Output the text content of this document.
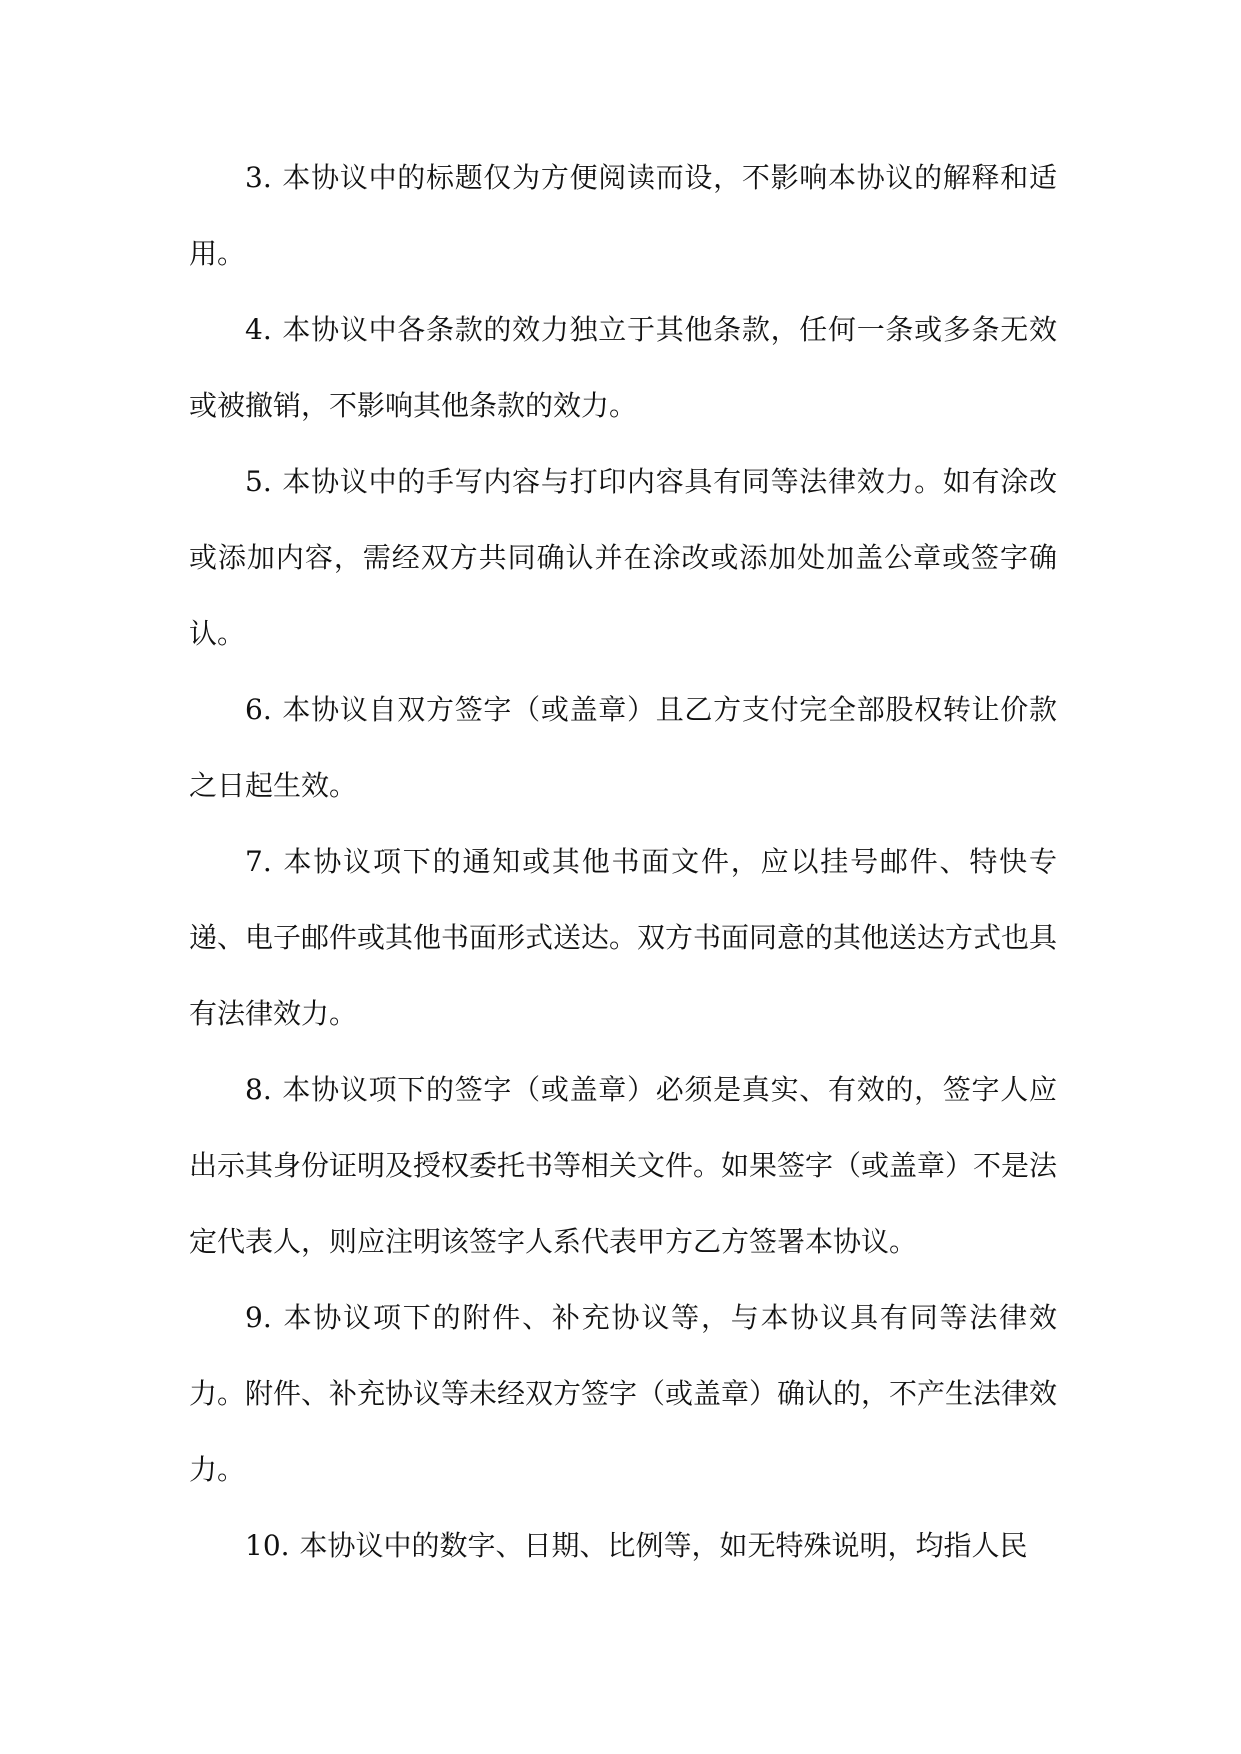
3. 本协议中的标题仅为方便阅读而设，不影响本协议的解释和适用。

4. 本协议中各条款的效力独立于其他条款，任何一条或多条无效或被撤销，不影响其他条款的效力。

5. 本协议中的手写内容与打印内容具有同等法律效力。如有涂改或添加内容，需经双方共同确认并在涂改或添加处加盖公章或签字确认。

6. 本协议自双方签字（或盖章）且乙方支付完全部股权转让价款之日起生效。

7. 本协议项下的通知或其他书面文件，应以挂号邮件、特快专递、电子邮件或其他书面形式送达。双方书面同意的其他送达方式也具有法律效力。

8. 本协议项下的签字（或盖章）必须是真实、有效的，签字人应出示其身份证明及授权委托书等相关文件。如果签字（或盖章）不是法定代表人，则应注明该签字人系代表甲方乙方签署本协议。

9. 本协议项下的附件、补充协议等，与本协议具有同等法律效力。附件、补充协议等未经双方签字（或盖章）确认的，不产生法律效力。

10. 本协议中的数字、日期、比例等，如无特殊说明，均指人民
